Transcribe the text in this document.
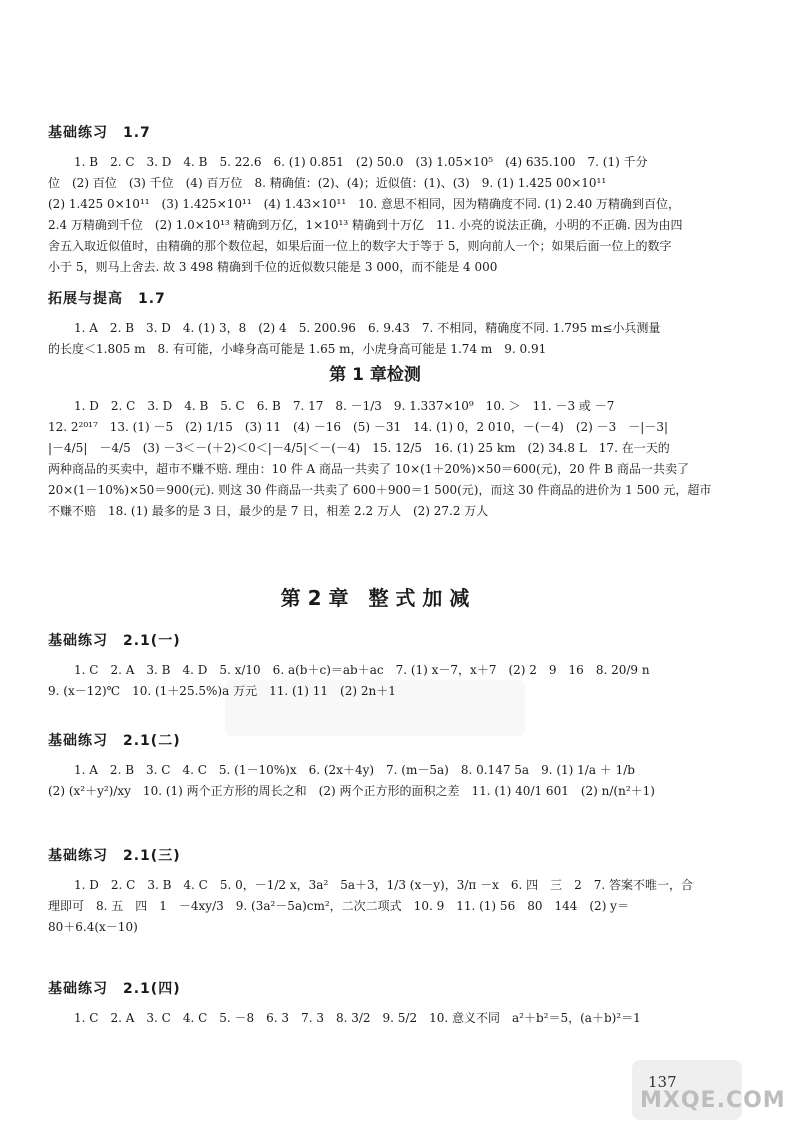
基础练习　1.7
1. B　2. C　3. D　4. B　5. 22.6　6. (1) 0.851　(2) 50.0　(3) 1.05×10⁵　(4) 635.100　7. (1) 千分
位　(2) 百位　(3) 千位　(4) 百万位　8. 精确值：(2)、(4)；近似值：(1)、(3)　9. (1) 1.425 00×10¹¹
(2) 1.425 0×10¹¹　(3) 1.425×10¹¹　(4) 1.43×10¹¹　10. 意思不相同，因为精确度不同. (1) 2.40 万精确到百位，
2.4 万精确到千位　(2) 1.0×10¹³ 精确到万亿，1×10¹³ 精确到十万亿　11. 小亮的说法正确，小明的不正确. 因为由四
舍五入取近似值时，由精确的那个数位起，如果后面一位上的数字大于等于 5，则向前人一个；如果后面一位上的数字
小于 5，则马上舍去. 故 3 498 精确到千位的近似数只能是 3 000，而不能是 4 000
拓展与提高　1.7
1. A　2. B　3. D　4. (1) 3，8　(2) 4　5. 200.96　6. 9.43　7. 不相同，精确度不同. 1.795 m≤小兵测量
的长度＜1.805 m　8. 有可能，小峰身高可能是 1.65 m，小虎身高可能是 1.74 m　9. 0.91
第 1 章检测
1. D　2. C　3. D　4. B　5. C　6. B　7. 17　8. －1/3　9. 1.337×10⁹　10. ＞　11. －3 或 －7
12. 2²⁰¹⁷　13. (1) －5　(2) 1/15　(3) 11　(4) －16　(5) －31　14. (1) 0，2 010，－(－4)　(2) －3　－|－3|
|－4/5|　－4/5　(3) －3＜－(＋2)＜0＜|－4/5|＜－(－4)　15. 12/5　16. (1) 25 km　(2) 34.8 L　17. 在一天的
两种商品的买卖中，超市不赚不赔. 理由：10 件 A 商品一共卖了 10×(1＋20%)×50＝600(元)，20 件 B 商品一共卖了
20×(1－10%)×50＝900(元). 则这 30 件商品一共卖了 600＋900＝1 500(元)，而这 30 件商品的进价为 1 500 元，超市
不赚不赔　18. (1) 最多的是 3 日，最少的是 7 日，相差 2.2 万人　(2) 27.2 万人
第 2 章　整 式 加 减
基础练习　2.1(一)
1. C　2. A　3. B　4. D　5. x/10　6. a(b＋c)＝ab＋ac　7. (1) x－7，x＋7　(2) 2　9　16　8. 20/9 n
9. (x－12)℃　10. (1＋25.5%)a 万元　11. (1) 11　(2) 2n＋1
基础练习　2.1(二)
1. A　2. B　3. C　4. C　5. (1－10%)x　6. (2x＋4y)　7. (m－5a)　8. 0.147 5a　9. (1) 1/a ＋ 1/b
(2) (x²＋y²)/xy　10. (1) 两个正方形的周长之和　(2) 两个正方形的面积之差　11. (1) 40/1 601　(2) n/(n²＋1)
基础练习　2.1(三)
1. D　2. C　3. B　4. C　5. 0，－1/2 x，3a²　5a＋3，1/3 (x－y)，3/π －x　6. 四　三　2　7. 答案不唯一，合
理即可　8. 五　四　1　－4xy/3　9. (3a²－5a)cm²，二次二项式　10. 9　11. (1) 56　80　144　(2) y＝
80＋6.4(x－10)
基础练习　2.1(四)
1. C　2. A　3. C　4. C　5. －8　6. 3　7. 3　8. 3/2　9. 5/2　10. 意义不同　a²＋b²＝5，(a＋b)²＝1
MXQE.COM
137
